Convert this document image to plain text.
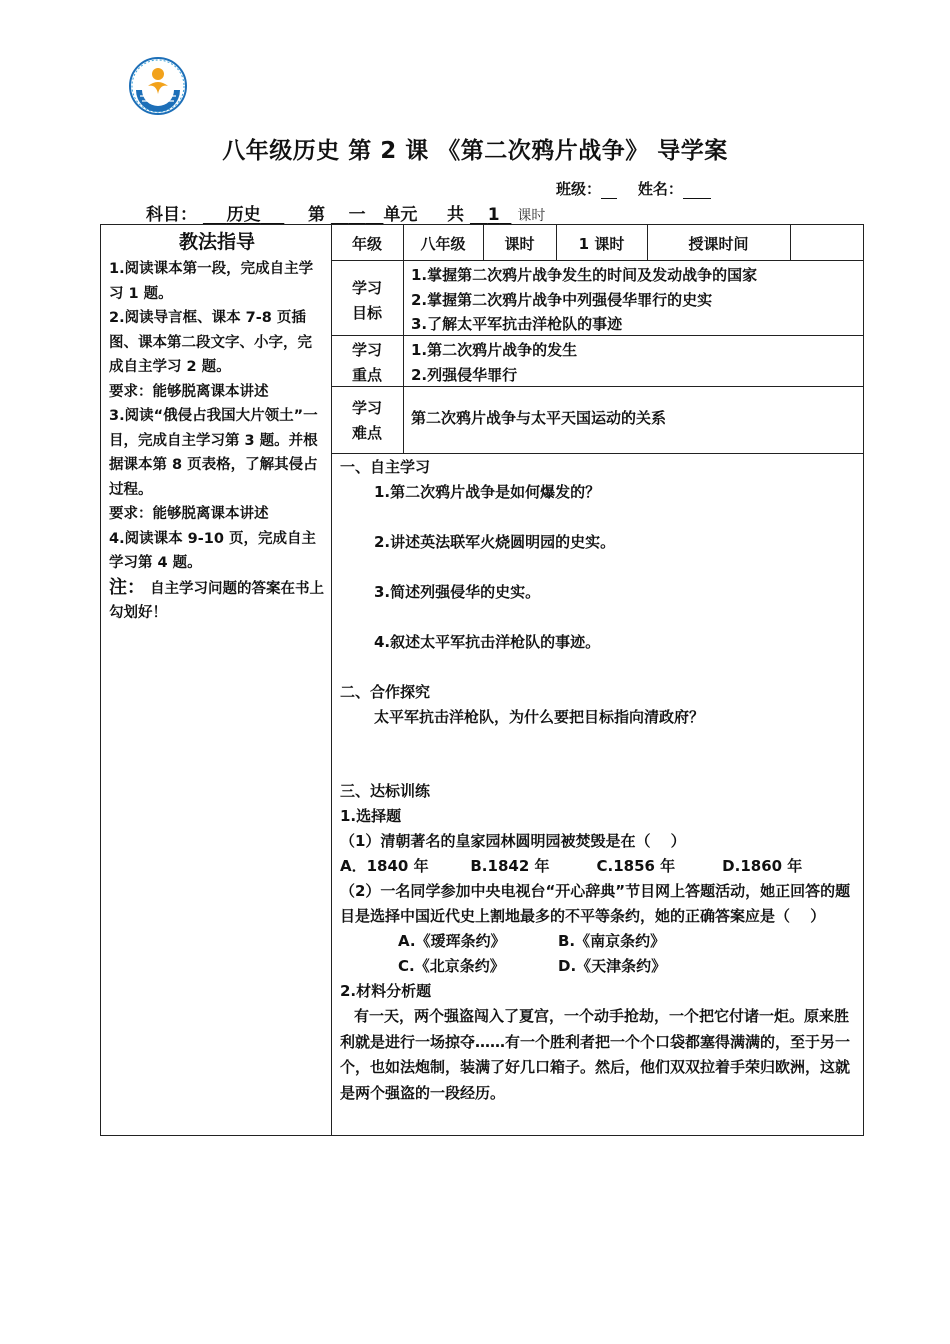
八年级历史 第 2 课 《第二次鸦片战争》 导学案
班级： 姓名：
科目： 历史	第 一 单元 共 1 课时
教法指导
1.阅读课本第一段，完成自主学习 1 题。
2.阅读导言框、课本 7-8 页插图、课本第二段文字、小字，完成自主学习 2 题。
要求：能够脱离课本讲述
3.阅读“俄侵占我国大片领土”一目，完成自主学习第 3 题。并根据课本第 8 页表格，了解其侵占过程。
要求：能够脱离课本讲述
4.阅读课本 9-10 页，完成自主学习第 4 题。
注： 自主学习问题的答案在书上勾划好！
年级	八年级	课时	1 课时	授课时间
学习
目标
1.掌握第二次鸦片战争发生的时间及发动战争的国家
2.掌握第二次鸦片战争中列强侵华罪行的史实
3.了解太平军抗击洋枪队的事迹
学习
重点
1.第二次鸦片战争的发生
2.列强侵华罪行
学习
难点
第二次鸦片战争与太平天国运动的关系
一、自主学习
1.第二次鸦片战争是如何爆发的？
2.讲述英法联军火烧圆明园的史实。
3.简述列强侵华的史实。
4.叙述太平军抗击洋枪队的事迹。
二、合作探究
太平军抗击洋枪队，为什么要把目标指向清政府？
三、达标训练
1.选择题
（1）清朝著名的皇家园林圆明园被焚毁是在（　 ）
A．1840 年	B.1842 年	C.1856 年	D.1860 年
（2）一名同学参加中央电视台“开心辞典”节目网上答题活动，她正回答的题目是选择中国近代史上割地最多的不平等条约，她的正确答案应是（　 ）
A.《瑷珲条约》	B.《南京条约》
C.《北京条约》	D.《天津条约》
2.材料分析题
有一天，两个强盗闯入了夏宫，一个动手抢劫，一个把它付诸一炬。原来胜利就是进行一场掠夺……有一个胜利者把一个个口袋都塞得满满的，至于另一个，也如法炮制，装满了好几口箱子。然后，他们双双拉着手荣归欧洲，这就是两个强盗的一段经历。
